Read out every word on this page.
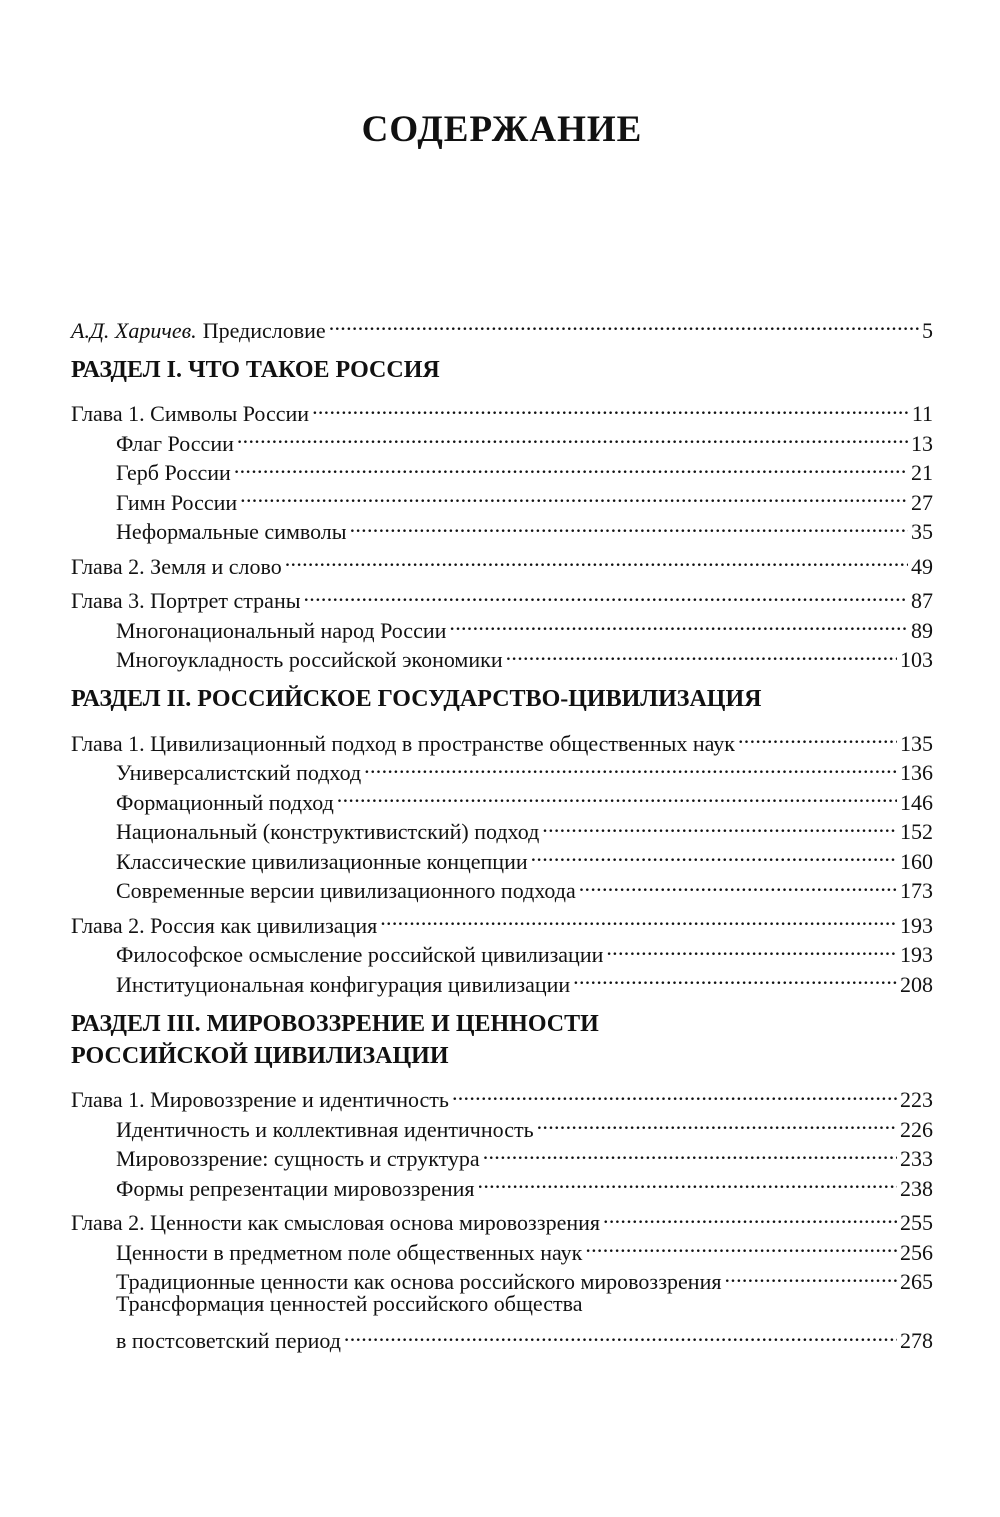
СОДЕРЖАНИЕ
А.Д. Харичев. Предисловие . . .	5
РАЗДЕЛ I. ЧТО ТАКОЕ РОССИЯ
Глава 1. Символы России . . .	11
Флаг России . . .	13
Герб России . . .	21
Гимн России . . .	27
Неформальные символы . . .	35
Глава 2. Земля и слово . . .	49
Глава 3. Портрет страны . . .	87
Многонациональный народ России . . .	89
Многоукладность российской экономики . . .	103
РАЗДЕЛ II. РОССИЙСКОЕ ГОСУДАРСТВО-ЦИВИЛИЗАЦИЯ
Глава 1. Цивилизационный подход в пространстве общественных наук . . .	135
Универсалистский подход . . .	136
Формационный подход . . .	146
Национальный (конструктивистский) подход . . .	152
Классические цивилизационные концепции . . .	160
Современные версии цивилизационного подхода . . .	173
Глава 2. Россия как цивилизация . . .	193
Философское осмысление российской цивилизации . . .	193
Институциональная конфигурация цивилизации . . .	208
РАЗДЕЛ III. МИРОВОЗЗРЕНИЕ И ЦЕННОСТИ
РОССИЙСКОЙ ЦИВИЛИЗАЦИИ
Глава 1. Мировоззрение и идентичность . . .	223
Идентичность и коллективная идентичность . . .	226
Мировоззрение: сущность и структура . . .	233
Формы репрезентации мировоззрения . . .	238
Глава 2. Ценности как смысловая основа мировоззрения . . .	255
Ценности в предметном поле общественных наук . . .	256
Традиционные ценности как основа российского мировоззрения . . .	265
Трансформация ценностей российского общества
в постсоветский период . . .	278
